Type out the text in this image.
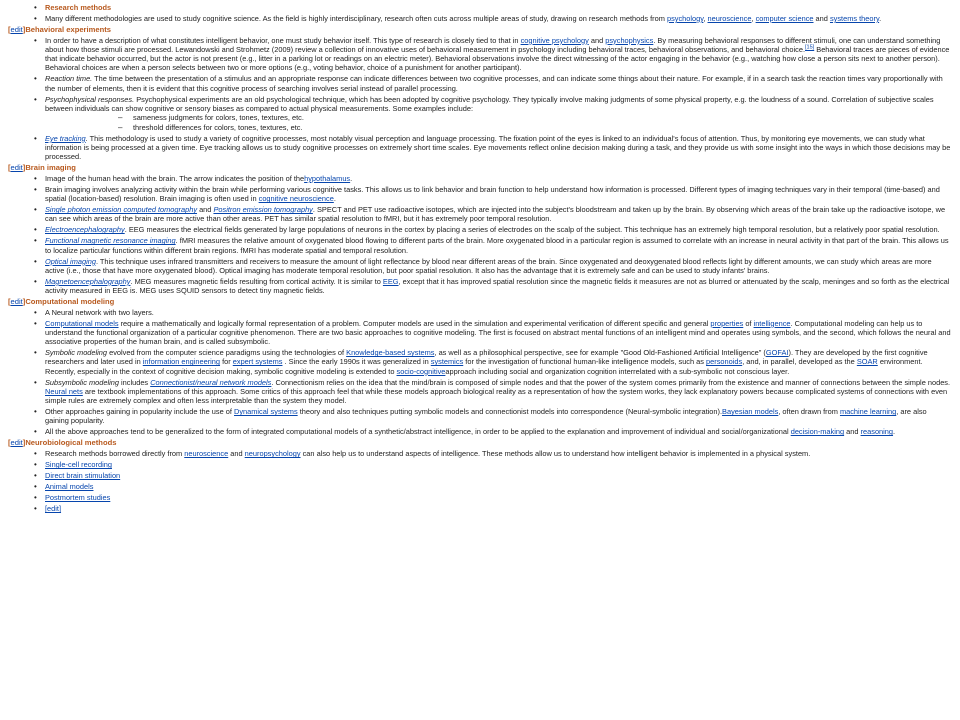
• Research methods
• Many different methodologies are used to study cognitive science. As the field is highly interdisciplinary, research often cuts across multiple areas of study, drawing on research methods from psychology, neuroscience, computer science and systems theory.
[edit]Behavioral experiments
• In order to have a description of what constitutes intelligent behavior, one must study behavior itself. This type of research is closely tied to that in cognitive psychology and psychophysics. By measuring behavioral responses to different stimuli, one can understand something about how those stimuli are processed. Lewandowski and Strohmetz (2009) review a collection of innovative uses of behavioral measurement in psychology including behavioral traces, behavioral observations, and behavioral choice.[15] Behavioral traces are pieces of evidence that indicate behavior occurred, but the actor is not present (e.g., litter in a parking lot or readings on an electric meter). Behavioral observations involve the direct witnessing of the actor engaging in the behavior (e.g., watching how close a person sits next to another person). Behavioral choices are when a person selects between two or more options (e.g., voting behavior, choice of a punishment for another participant).
• Reaction time. The time between the presentation of a stimulus and an appropriate response can indicate differences between two cognitive processes, and can indicate some things about their nature. For example, if in a search task the reaction times vary proportionally with the number of elements, then it is evident that this cognitive process of searching involves serial instead of parallel processing.
• Psychophysical responses. Psychophysical experiments are an old psychological technique, which has been adopted by cognitive psychology. They typically involve making judgments of some physical property, e.g. the loudness of a sound. Correlation of subjective scales between individuals can show cognitive or sensory biases as compared to actual physical measurements. Some examples include:
– sameness judgments for colors, tones, textures, etc.
– threshold differences for colors, tones, textures, etc.
• Eye tracking. This methodology is used to study a variety of cognitive processes, most notably visual perception and language processing. The fixation point of the eyes is linked to an individual's focus of attention. Thus, by monitoring eye movements, we can study what information is being processed at a given time. Eye tracking allows us to study cognitive processes on extremely short time scales. Eye movements reflect online decision making during a task, and they provide us with some insight into the ways in which those decisions may be processed.
[edit]Brain imaging
• Image of the human head with the brain. The arrow indicates the position of thehypothalamus.
• Brain imaging involves analyzing activity within the brain while performing various cognitive tasks. This allows us to link behavior and brain function to help understand how information is processed. Different types of imaging techniques vary in their temporal (time-based) and spatial (location-based) resolution. Brain imaging is often used in cognitive neuroscience.
• Single photon emission computed tomography and Positron emission tomography. SPECT and PET use radioactive isotopes, which are injected into the subject's bloodstream and taken up by the brain. By observing which areas of the brain take up the radioactive isotope, we can see which areas of the brain are more active than other areas. PET has similar spatial resolution to fMRI, but it has extremely poor temporal resolution.
• Electroencephalography. EEG measures the electrical fields generated by large populations of neurons in the cortex by placing a series of electrodes on the scalp of the subject. This technique has an extremely high temporal resolution, but a relatively poor spatial resolution.
• Functional magnetic resonance imaging. fMRI measures the relative amount of oxygenated blood flowing to different parts of the brain. More oxygenated blood in a particular region is assumed to correlate with an increase in neural activity in that part of the brain. This allows us to localize particular functions within different brain regions. fMRI has moderate spatial and temporal resolution.
• Optical imaging. This technique uses infrared transmitters and receivers to measure the amount of light reflectance by blood near different areas of the brain. Since oxygenated and deoxygenated blood reflects light by different amounts, we can study which areas are more active (i.e., those that have more oxygenated blood). Optical imaging has moderate temporal resolution, but poor spatial resolution. It also has the advantage that it is extremely safe and can be used to study infants' brains.
• Magnetoencephalography. MEG measures magnetic fields resulting from cortical activity. It is similar to EEG, except that it has improved spatial resolution since the magnetic fields it measures are not as blurred or attenuated by the scalp, meninges and so forth as the electrical activity measured in EEG is. MEG uses SQUID sensors to detect tiny magnetic fields.
[edit]Computational modeling
• A Neural network with two layers.
• Computational models require a mathematically and logically formal representation of a problem. Computer models are used in the simulation and experimental verification of different specific and general properties of intelligence. Computational modeling can help us to understand the functional organization of a particular cognitive phenomenon. There are two basic approaches to cognitive modeling. The first is focused on abstract mental functions of an intelligent mind and operates using symbols, and the second, which follows the neural and associative properties of the human brain, and is called subsymbolic.
• Symbolic modeling evolved from the computer science paradigms using the technologies of Knowledge-based systems, as well as a philosophical perspective, see for example "Good Old-Fashioned Artificial Intelligence" (GOFAI). They are developed by the first cognitive researchers and later used in information engineering for expert systems . Since the early 1990s it was generalized in systemics for the investigation of functional human-like intelligence models, such as personoids, and, in parallel, developed as the SOAR environment. Recently, especially in the context of cognitive decision making, symbolic cognitive modeling is extended to socio-cognitiveapproach including social and organization cognition interrelated with a sub-symbolic not conscious layer.
• Subsymbolic modeling includes Connectionist/neural network models. Connectionism relies on the idea that the mind/brain is composed of simple nodes and that the power of the system comes primarily from the existence and manner of connections between the simple nodes. Neural nets are textbook implementations of this approach. Some critics of this approach feel that while these models approach biological reality as a representation of how the system works, they lack explanatory powers because complicated systems of connections with even simple rules are extremely complex and often less interpretable than the system they model.
• Other approaches gaining in popularity include the use of Dynamical systems theory and also techniques putting symbolic models and connectionist models into correspondence (Neural-symbolic integration).Bayesian models, often drawn from machine learning, are also gaining popularity.
• All the above approaches tend to be generalized to the form of integrated computational models of a synthetic/abstract intelligence, in order to be applied to the explanation and improvement of individual and social/organizational decision-making and reasoning.
[edit]Neurobiological methods
• Research methods borrowed directly from neuroscience and neuropsychology can also help us to understand aspects of intelligence. These methods allow us to understand how intelligent behavior is implemented in a physical system.
• Single-cell recording
• Direct brain stimulation
• Animal models
• Postmortem studies
• [edit]
